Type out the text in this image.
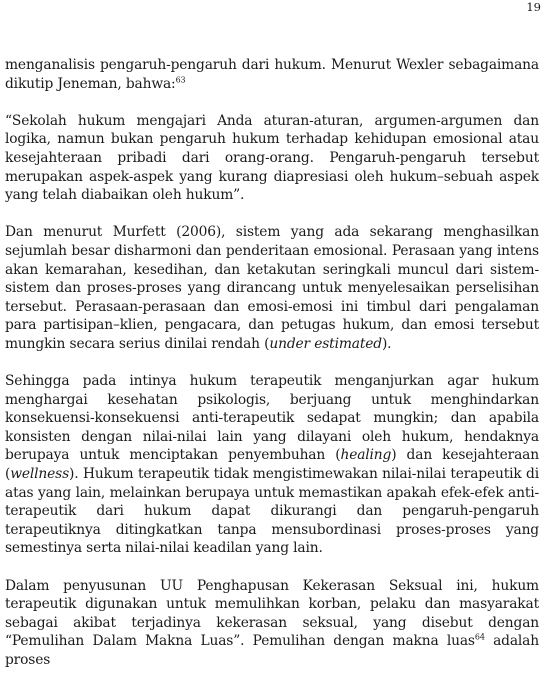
19

menganalisis pengaruh-pengaruh dari hukum. Menurut Wexler sebagaimana dikutip Jeneman, bahwa:$^{63}$

“Sekolah hukum mengajari Anda aturan-aturan, argumen-argumen dan logika, namun bukan pengaruh hukum terhadap kehidupan emosional atau kesejahteraan pribadi dari orang-orang. Pengaruh-pengaruh tersebut merupakan aspek-aspek yang kurang diapresiasi oleh hukum–sebuah aspek yang telah diabaikan oleh hukum”.

Dan menurut Murfett (2006), sistem yang ada sekarang menghasilkan sejumlah besar disharmoni dan penderitaan emosional. Perasaan yang intens akan kemarahan, kesedihan, dan ketakutan seringkali muncul dari sistem-sistem dan proses-proses yang dirancang untuk menyelesaikan perselisihan tersebut. Perasaan-perasaan dan emosi-emosi ini timbul dari pengalaman para partisipan–klien, pengacara, dan petugas hukum, dan emosi tersebut mungkin secara serius dinilai rendah (under estimated).

Sehingga pada intinya hukum terapeutik menganjurkan agar hukum menghargai kesehatan psikologis, berjuang untuk menghindarkan konsekuensi-konsekuensi anti-terapeutik sedapat mungkin; dan apabila konsisten dengan nilai-nilai lain yang dilayani oleh hukum, hendaknya berupaya untuk menciptakan penyembuhan (healing) dan kesejahteraan (wellness). Hukum terapeutik tidak mengistimewakan nilai-nilai terapeutik di atas yang lain, melainkan berupaya untuk memastikan apakah efek-efek anti-terapeutik dari hukum dapat dikurangi dan pengaruh-pengaruh terapeutiknya ditingkatkan tanpa mensubordinasi proses-proses yang semestinya serta nilai-nilai keadilan yang lain.

Dalam penyusunan UU Penghapusan Kekerasan Seksual ini, hukum terapeutik digunakan untuk memulihkan korban, pelaku dan masyarakat sebagai akibat terjadinya kekerasan seksual, yang disebut dengan “Pemulihan Dalam Makna Luas”. Pemulihan dengan makna luas$^{64}$ adalah proses
